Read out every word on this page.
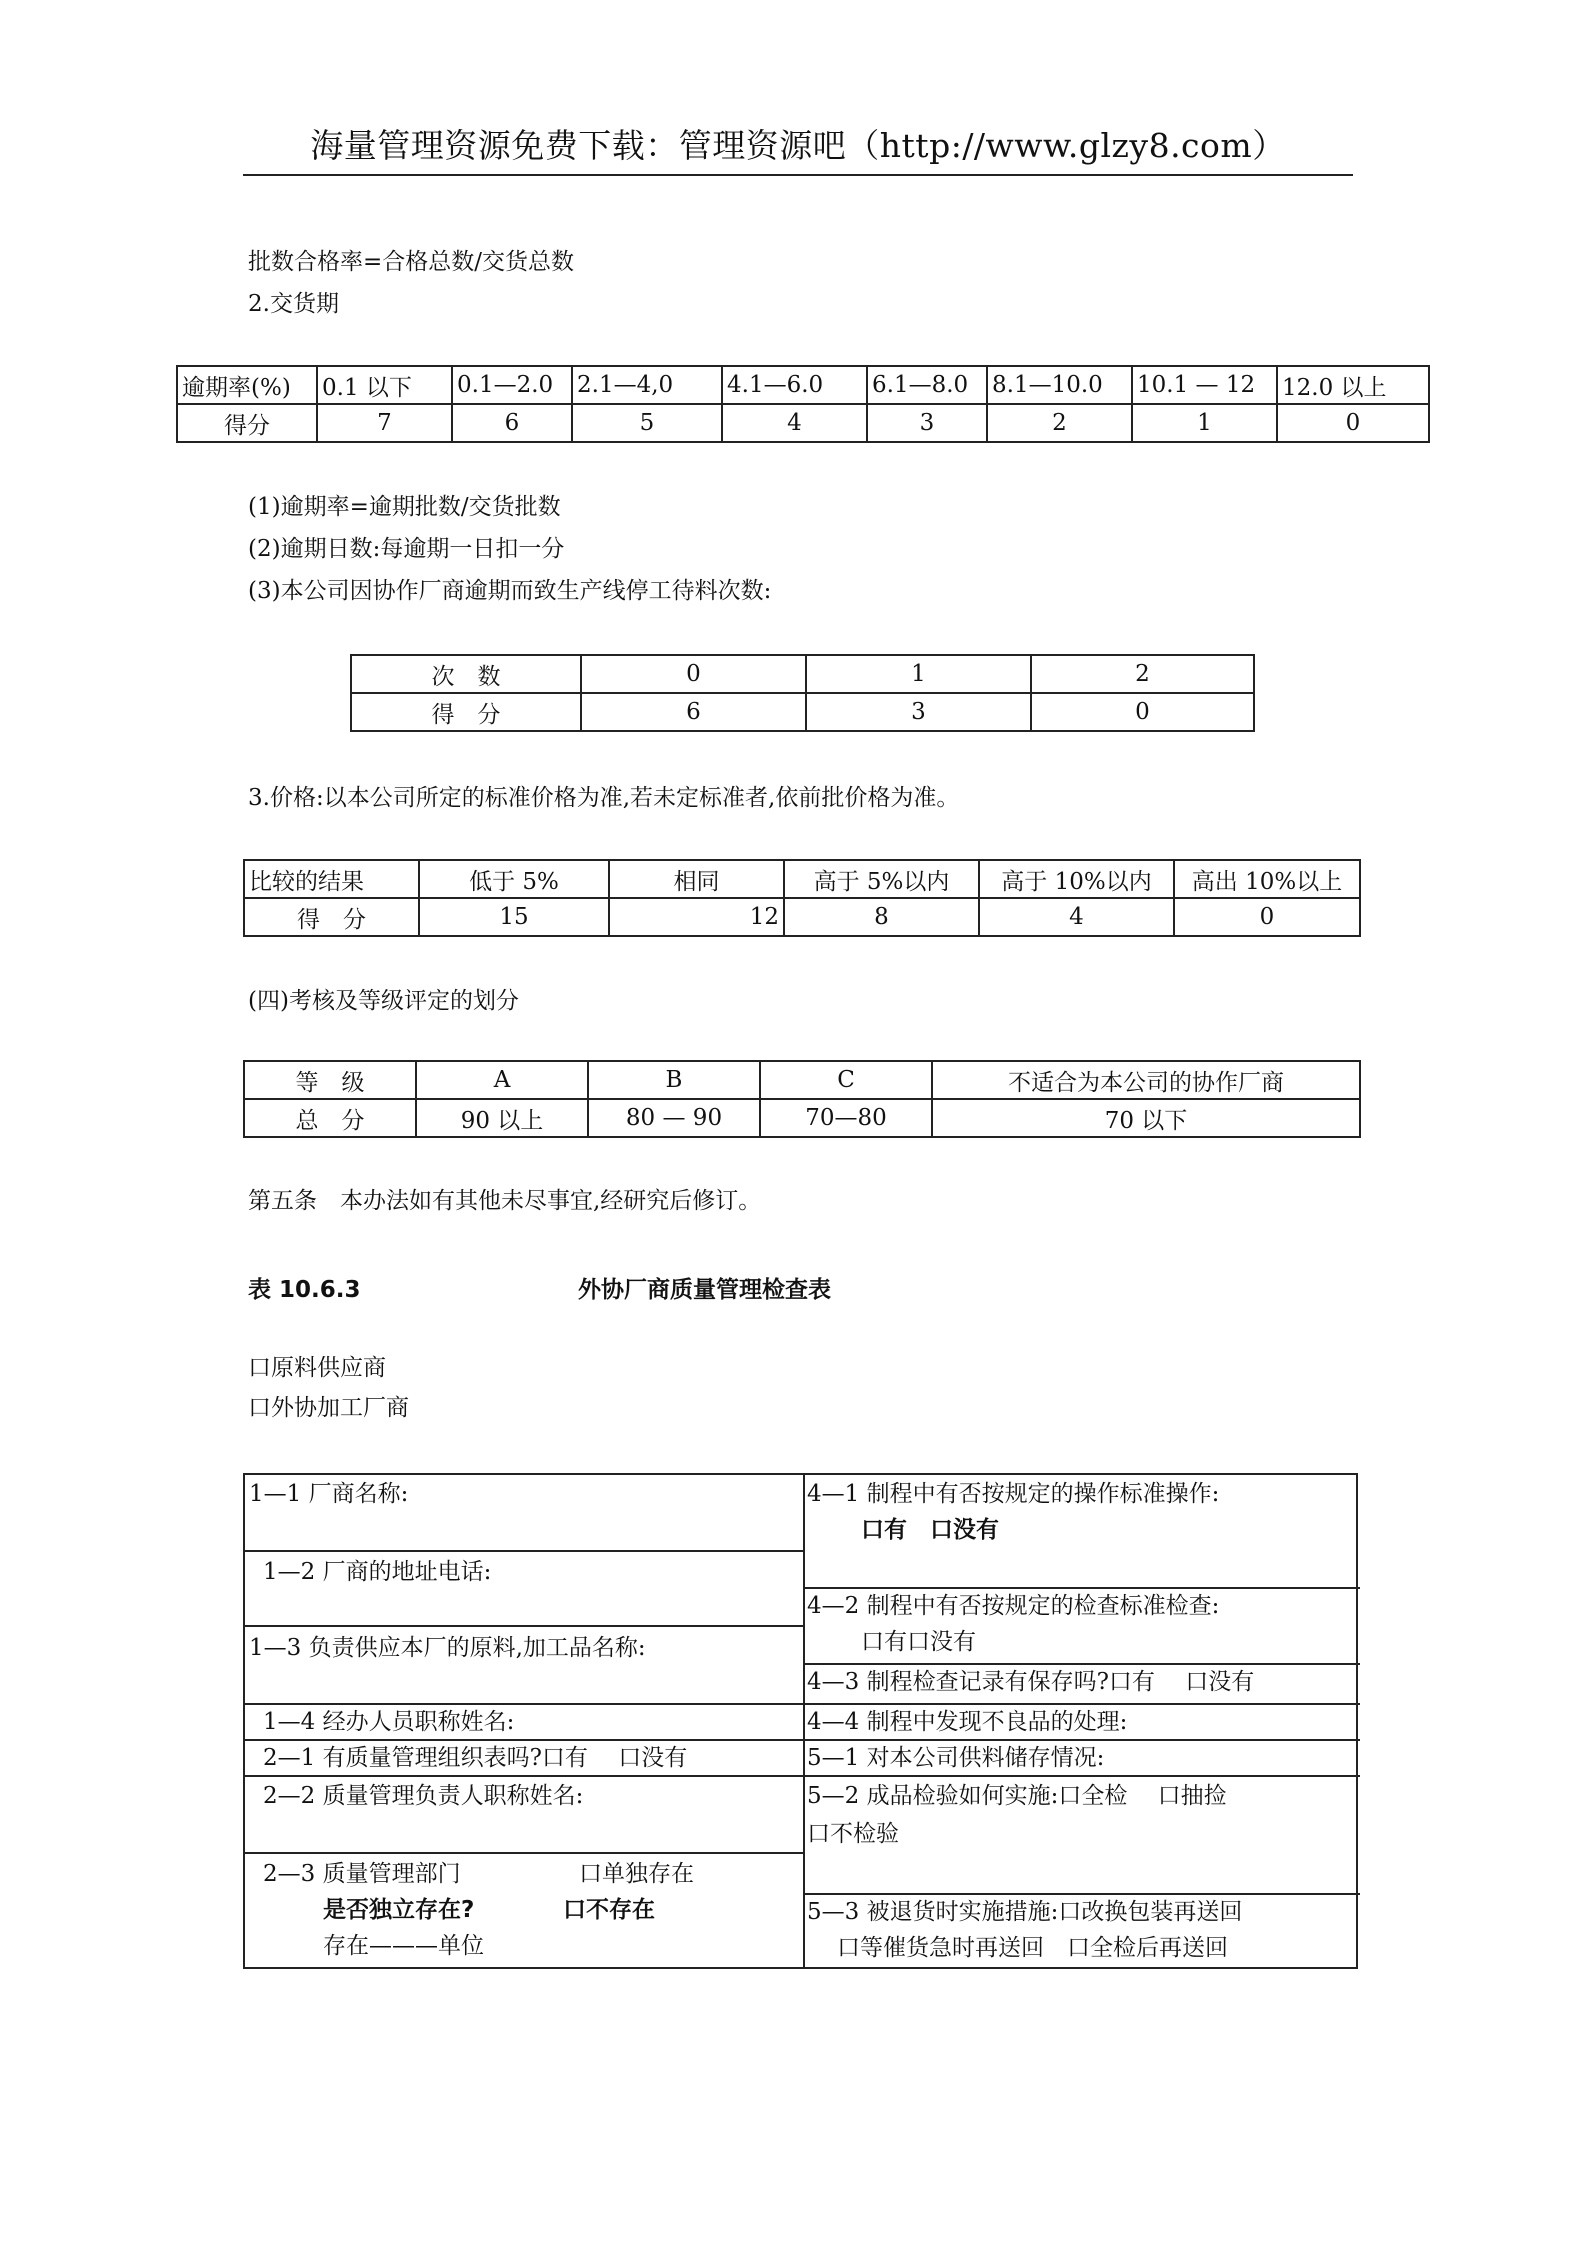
海量管理资源免费下载：管理资源吧（http://www.glzy8.com）
批数合格率=合格总数/交货总数
2.交货期
逾期率(%)	0.1 以下	0.1—2.0	2.1—4,0	4.1—6.0	6.1—8.0	8.1—10.0	10.1 — 12	12.0 以上
得分	7	6	5	4	3	2	1	0
(1)逾期率=逾期批数/交货批数
(2)逾期日数:每逾期一日扣一分
(3)本公司因协作厂商逾期而致生产线停工待料次数:
次　数	0	1	2
得　分	6	3	0
3.价格:以本公司所定的标准价格为准,若未定标准者,依前批价格为准。
比较的结果	低于 5%	相同	高于 5%以内	高于 10%以内	高出 10%以上
得　分	15	12	8	4	0
(四)考核及等级评定的划分
等　级	A	B	C	不适合为本公司的协作厂商
总　分	90 以上	80 — 90	70—80	70 以下
第五条　本办法如有其他未尽事宜,经研究后修订。
表 10.6.3	外协厂商质量管理检查表
口原料供应商
口外协加工厂商
1—1 厂商名称:
1—2 厂商的地址电话:
1—3 负责供应本厂的原料,加工品名称:
1—4 经办人员职称姓名:
2—1 有质量管理组织表吗?口有　 口没有
2—2 质量管理负责人职称姓名:
2—3 质量管理部门	口单独存在
是否独立存在?	口不存在
存在———单位
4—1 制程中有否按规定的操作标准操作:
口有　口没有
4—2 制程中有否按规定的检查标准检查:
口有口没有
4—3 制程检查记录有保存吗?口有　 口没有
4—4 制程中发现不良品的处理:
5—1 对本公司供料储存情况:
5—2 成品检验如何实施:口全检　 口抽捡
口不检验
5—3 被退货时实施措施:口改换包装再送回
口等催货急时再送回　口全检后再送回
